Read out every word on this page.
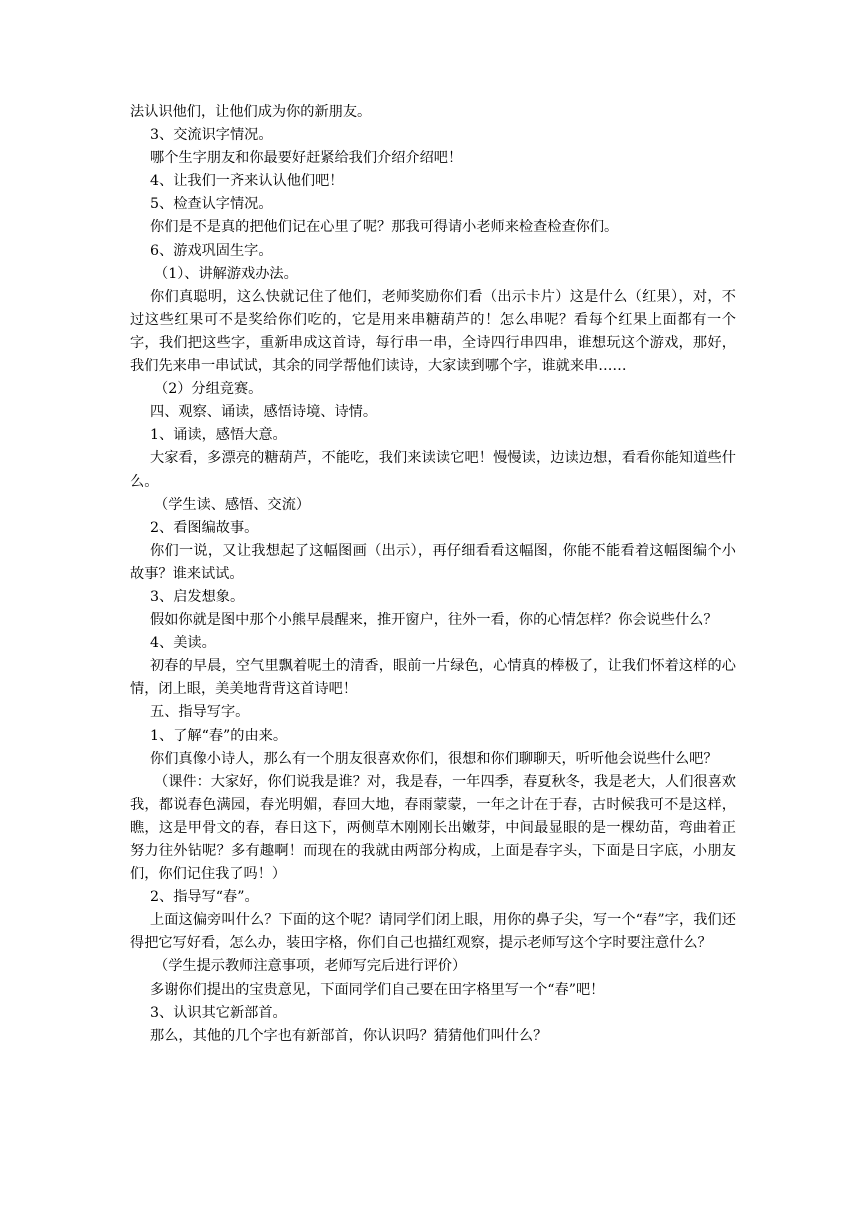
法认识他们，让他们成为你的新朋友。

3、交流识字情况。

哪个生字朋友和你最要好赶紧给我们介绍介绍吧！

4、让我们一齐来认认他们吧！

5、检查认字情况。

你们是不是真的把他们记在心里了呢？那我可得请小老师来检查检查你们。

6、游戏巩固生字。

（1）、讲解游戏办法。

你们真聪明，这么快就记住了他们，老师奖励你们看（出示卡片）这是什么（红果），对，不过这些红果可不是奖给你们吃的，它是用来串糖葫芦的！怎么串呢？看每个红果上面都有一个字，我们把这些字，重新串成这首诗，每行串一串，全诗四行串四串，谁想玩这个游戏，那好，我们先来串一串试试，其余的同学帮他们读诗，大家读到哪个字，谁就来串……

（2）分组竞赛。

四、观察、诵读，感悟诗境、诗情。

1、诵读，感悟大意。

大家看，多漂亮的糖葫芦，不能吃，我们来读读它吧！慢慢读，边读边想，看看你能知道些什么。

（学生读、感悟、交流）

2、看图编故事。

你们一说，又让我想起了这幅图画（出示），再仔细看看这幅图，你能不能看着这幅图编个小故事？谁来试试。

3、启发想象。

假如你就是图中那个小熊早晨醒来，推开窗户，往外一看，你的心情怎样？你会说些什么？

4、美读。

初春的早晨，空气里飘着呢土的清香，眼前一片绿色，心情真的棒极了，让我们怀着这样的心情，闭上眼，美美地背背这首诗吧！

五、指导写字。

1、了解“春”的由来。

你们真像小诗人，那么有一个朋友很喜欢你们，很想和你们聊聊天，听听他会说些什么吧？

（课件：大家好，你们说我是谁？对，我是春，一年四季，春夏秋冬，我是老大，人们很喜欢我，都说春色满园，春光明媚，春回大地，春雨蒙蒙，一年之计在于春，古时候我可不是这样，瞧，这是甲骨文的春，春日这下，两侧草木刚刚长出嫩芽，中间最显眼的是一棵幼苗，弯曲着正努力往外钻呢？多有趣啊！而现在的我就由两部分构成，上面是春字头，下面是日字底，小朋友们，你们记住我了吗！）

2、指导写“春”。

上面这偏旁叫什么？下面的这个呢？请同学们闭上眼，用你的鼻子尖，写一个“春”字，我们还得把它写好看，怎么办，装田字格，你们自己也描红观察，提示老师写这个字时要注意什么？

（学生提示教师注意事项，老师写完后进行评价）

多谢你们提出的宝贵意见，下面同学们自己要在田字格里写一个“春”吧！

3、认识其它新部首。

那么，其他的几个字也有新部首，你认识吗？猜猜他们叫什么？
